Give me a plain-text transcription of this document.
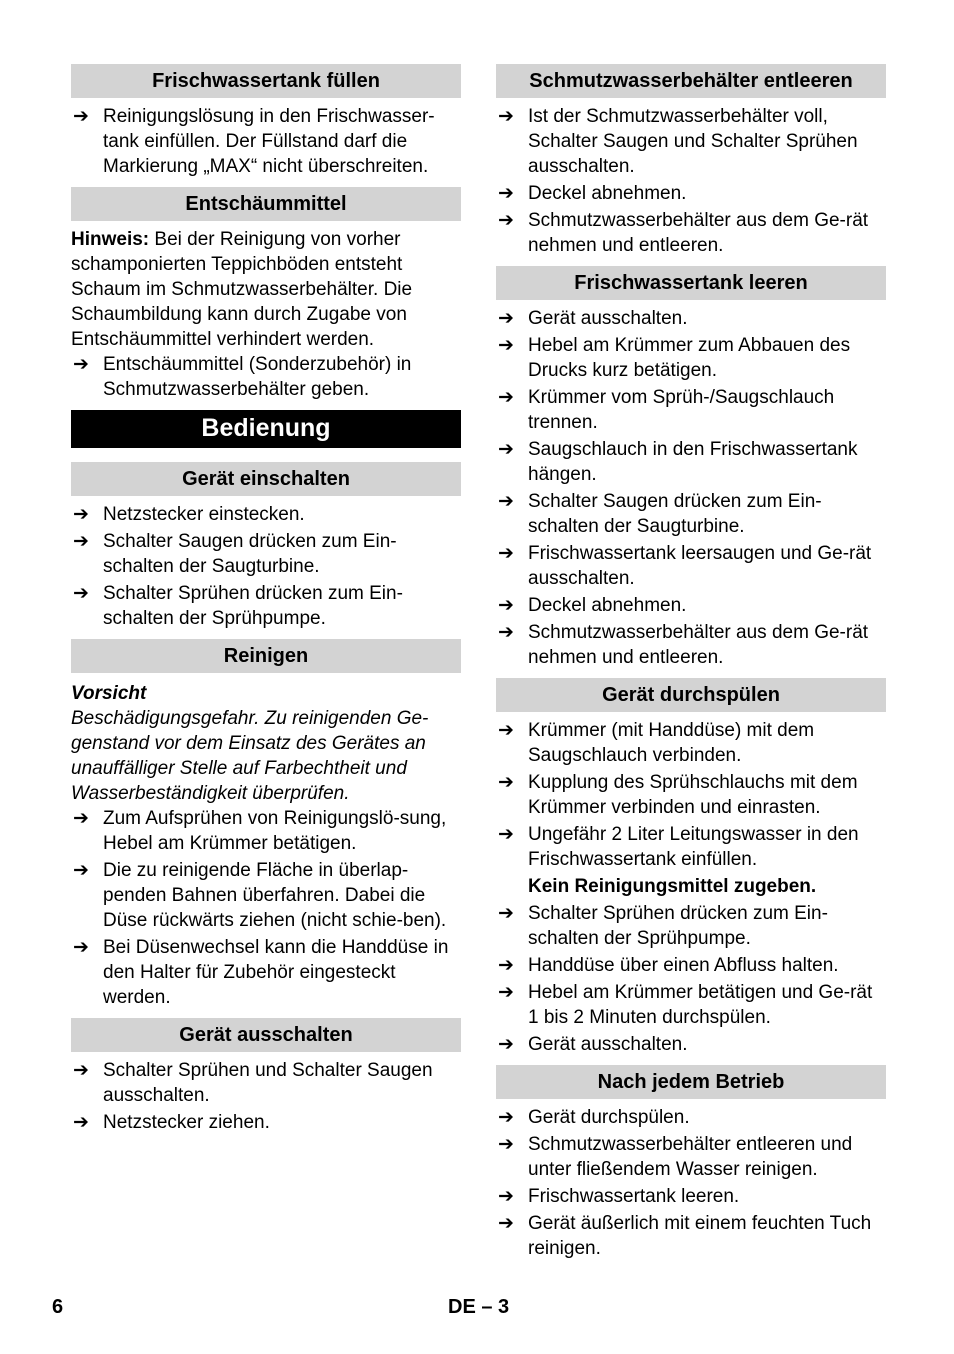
Frischwassertank füllen
➔ Reinigungslösung in den Frischwasser-tank einfüllen. Der Füllstand darf die Markierung „MAX“ nicht überschreiten.
Entschäummittel
Hinweis: Bei der Reinigung von vorher schamponierten Teppichböden entsteht Schaum im Schmutzwasserbehälter. Die Schaumbildung kann durch Zugabe von Entschäummittel verhindert werden.
➔ Entschäummittel (Sonderzubehör) in Schmutzwasserbehälter geben.
Bedienung
Gerät einschalten
➔ Netzstecker einstecken.
➔ Schalter Saugen drücken zum Ein-schalten der Saugturbine.
➔ Schalter Sprühen drücken zum Ein-schalten der Sprühpumpe.
Reinigen
Vorsicht
Beschädigungsgefahr. Zu reinigenden Ge-genstand vor dem Einsatz des Gerätes an unauffälliger Stelle auf Farbechtheit und Wasserbeständigkeit überprüfen.
➔ Zum Aufsprühen von Reinigungslö-sung, Hebel am Krümmer betätigen.
➔ Die zu reinigende Fläche in überlap-penden Bahnen überfahren. Dabei die Düse rückwärts ziehen (nicht schie-ben).
➔ Bei Düsenwechsel kann die Handdüse in den Halter für Zubehör eingesteckt werden.
Gerät ausschalten
➔ Schalter Sprühen und Schalter Saugen ausschalten.
➔ Netzstecker ziehen.
Schmutzwasserbehälter entleeren
➔ Ist der Schmutzwasserbehälter voll, Schalter Saugen und Schalter Sprühen ausschalten.
➔ Deckel abnehmen.
➔ Schmutzwasserbehälter aus dem Ge-rät nehmen und entleeren.
Frischwassertank leeren
➔ Gerät ausschalten.
➔ Hebel am Krümmer zum Abbauen des Drucks kurz betätigen.
➔ Krümmer vom Sprüh-/Saugschlauch trennen.
➔ Saugschlauch in den Frischwassertank hängen.
➔ Schalter Saugen drücken zum Ein-schalten der Saugturbine.
➔ Frischwassertank leersaugen und Ge-rät ausschalten.
➔ Deckel abnehmen.
➔ Schmutzwasserbehälter aus dem Ge-rät nehmen und entleeren.
Gerät durchspülen
➔ Krümmer (mit Handdüse) mit dem Saugschlauch verbinden.
➔ Kupplung des Sprühschlauchs mit dem Krümmer verbinden und einrasten.
➔ Ungefähr 2 Liter Leitungswasser in den Frischwassertank einfüllen.
Kein Reinigungsmittel zugeben.
➔ Schalter Sprühen drücken zum Ein-schalten der Sprühpumpe.
➔ Handdüse über einen Abfluss halten.
➔ Hebel am Krümmer betätigen und Ge-rät 1 bis 2 Minuten durchspülen.
➔ Gerät ausschalten.
Nach jedem Betrieb
➔ Gerät durchspülen.
➔ Schmutzwasserbehälter entleeren und unter fließendem Wasser reinigen.
➔ Frischwassertank leeren.
➔ Gerät äußerlich mit einem feuchten Tuch reinigen.
6	DE – 3
